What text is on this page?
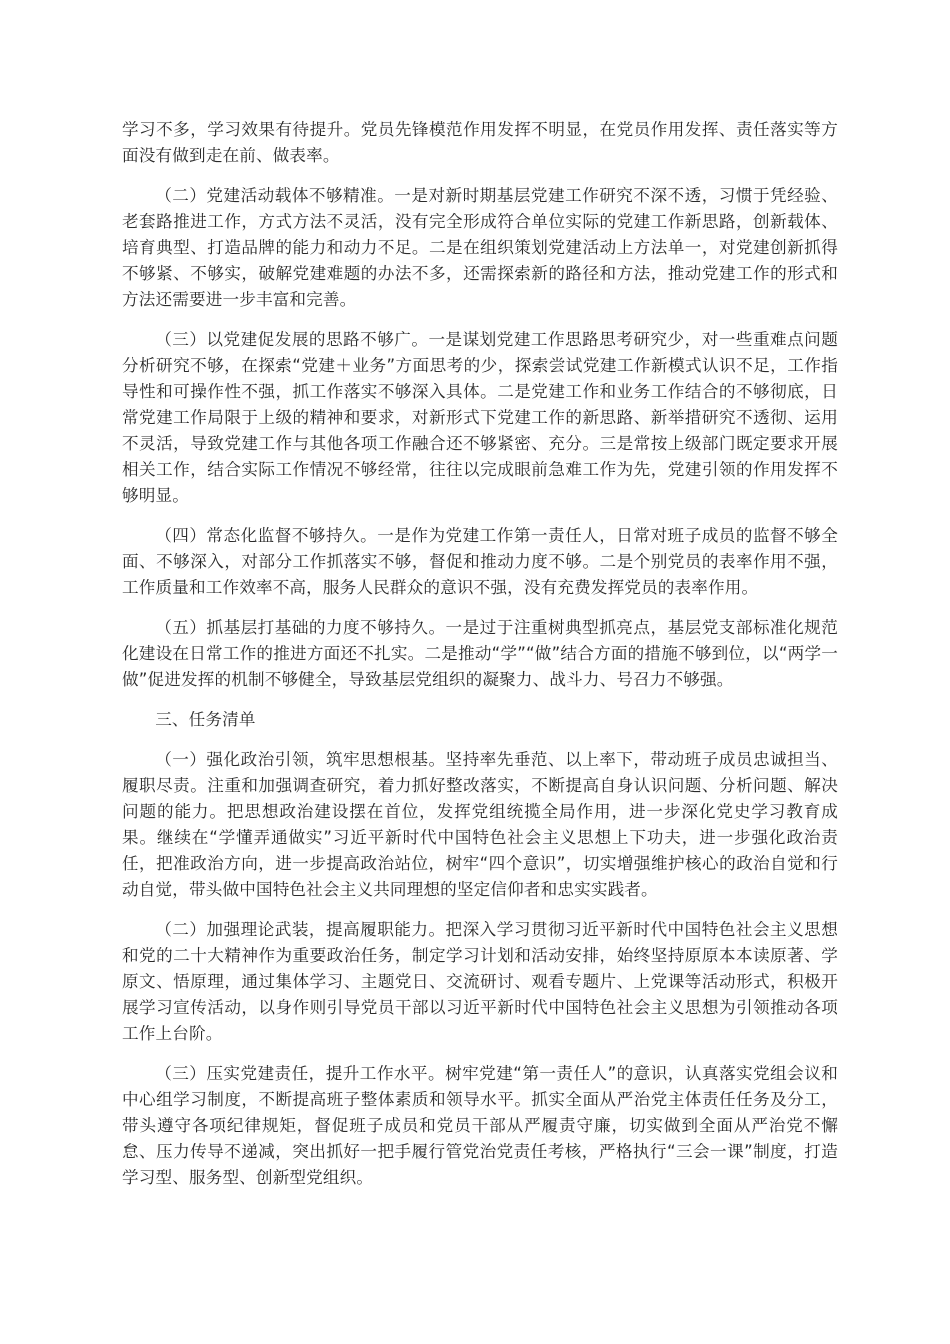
学习不多，学习效果有待提升。党员先锋模范作用发挥不明显，在党员作用发挥、责任落实等方面没有做到走在前、做表率。

（二）党建活动载体不够精准。一是对新时期基层党建工作研究不深不透，习惯于凭经验、老套路推进工作，方式方法不灵活，没有完全形成符合单位实际的党建工作新思路，创新载体、培育典型、打造品牌的能力和动力不足。二是在组织策划党建活动上方法单一，对党建创新抓得不够紧、不够实，破解党建难题的办法不多，还需探索新的路径和方法，推动党建工作的形式和方法还需要进一步丰富和完善。

（三）以党建促发展的思路不够广。一是谋划党建工作思路思考研究少，对一些重难点问题分析研究不够，在探索“党建＋业务”方面思考的少，探索尝试党建工作新模式认识不足，工作指导性和可操作性不强，抓工作落实不够深入具体。二是党建工作和业务工作结合的不够彻底，日常党建工作局限于上级的精神和要求，对新形式下党建工作的新思路、新举措研究不透彻、运用不灵活，导致党建工作与其他各项工作融合还不够紧密、充分。三是常按上级部门既定要求开展相关工作，结合实际工作情况不够经常，往往以完成眼前急难工作为先，党建引领的作用发挥不够明显。

（四）常态化监督不够持久。一是作为党建工作第一责任人，日常对班子成员的监督不够全面、不够深入，对部分工作抓落实不够，督促和推动力度不够。二是个别党员的表率作用不强，工作质量和工作效率不高，服务人民群众的意识不强，没有充费发挥党员的表率作用。

（五）抓基层打基础的力度不够持久。一是过于注重树典型抓亮点，基层党支部标准化规范化建设在日常工作的推进方面还不扎实。二是推动“学”“做”结合方面的措施不够到位，以“两学一做”促进发挥的机制不够健全，导致基层党组织的凝聚力、战斗力、号召力不够强。

三、任务清单

（一）强化政治引领，筑牢思想根基。坚持率先垂范、以上率下，带动班子成员忠诚担当、履职尽责。注重和加强调查研究，着力抓好整改落实，不断提高自身认识问题、分析问题、解决问题的能力。把思想政治建设摆在首位，发挥党组统揽全局作用，进一步深化党史学习教育成果。继续在“学懂弄通做实”习近平新时代中国特色社会主义思想上下功夫，进一步强化政治责任，把准政治方向，进一步提高政治站位，树牢“四个意识”，切实增强维护核心的政治自觉和行动自觉，带头做中国特色社会主义共同理想的坚定信仰者和忠实实践者。

（二）加强理论武装，提高履职能力。把深入学习贯彻习近平新时代中国特色社会主义思想和党的二十大精神作为重要政治任务，制定学习计划和活动安排，始终坚持原原本本读原著、学原文、悟原理，通过集体学习、主题党日、交流研讨、观看专题片、上党课等活动形式，积极开展学习宣传活动，以身作则引导党员干部以习近平新时代中国特色社会主义思想为引领推动各项工作上台阶。

（三）压实党建责任，提升工作水平。树牢党建“第一责任人”的意识，认真落实党组会议和中心组学习制度，不断提高班子整体素质和领导水平。抓实全面从严治党主体责任任务及分工，带头遵守各项纪律规矩，督促班子成员和党员干部从严履责守廉，切实做到全面从严治党不懈怠、压力传导不递减，突出抓好一把手履行管党治党责任考核，严格执行“三会一课”制度，打造学习型、服务型、创新型党组织。
